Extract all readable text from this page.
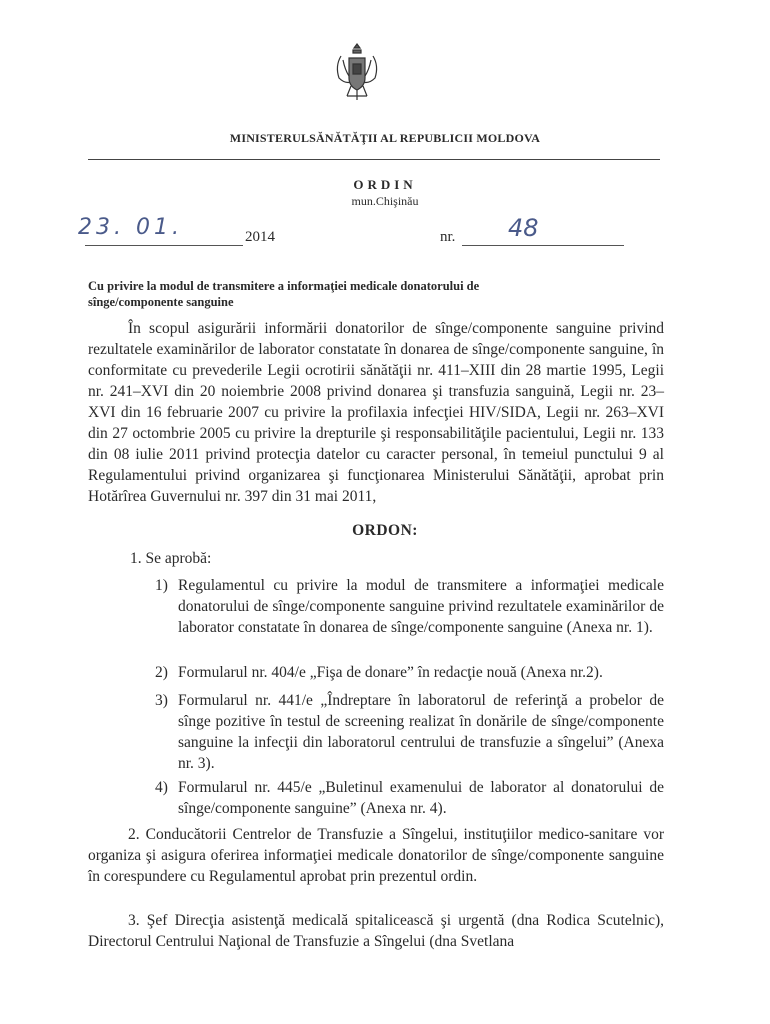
MINISTERULSĂNĂTĂŢII AL REPUBLICII MOLDOVA
ORDIN
mun.Chişinău
23. 01.	2014	nr. 48
Cu privire la modul de transmitere a informaţiei medicale donatorului de sînge/componente sanguine
În scopul asigurării informării donatorilor de sînge/componente sanguine privind rezultatele examinărilor de laborator constatate în donarea de sînge/componente sanguine, în conformitate cu prevederile Legii ocrotirii sănătăţii nr. 411–XIII din 28 martie 1995, Legii nr. 241–XVI din 20 noiembrie 2008 privind donarea şi transfuzia sanguină, Legii nr. 23–XVI din 16 februarie 2007 cu privire la profilaxia infecţiei HIV/SIDA, Legii nr. 263–XVI din 27 octombrie 2005 cu privire la drepturile şi responsabilităţile pacientului, Legii nr. 133 din 08 iulie 2011 privind protecţia datelor cu caracter personal, în temeiul punctului 9 al Regulamentului privind organizarea şi funcţionarea Ministerului Sănătăţii, aprobat prin Hotărîrea Guvernului nr. 397 din 31 mai 2011,
ORDON:
1. Se aprobă:
1) Regulamentul cu privire la modul de transmitere a informaţiei medicale donatorului de sînge/componente sanguine privind rezultatele examinărilor de laborator constatate în donarea de sînge/componente sanguine (Anexa nr. 1).
2) Formularul nr. 404/e „Fişa de donare” în redacţie nouă (Anexa nr.2).
3) Formularul nr. 441/e „Îndreptare în laboratorul de referinţă a probelor de sînge pozitive în testul de screening realizat în donările de sînge/componente sanguine la infecţii din laboratorul centrului de transfuzie a sîngelui” (Anexa nr. 3).
4) Formularul nr. 445/e „Buletinul examenului de laborator al donatorului de sînge/componente sanguine” (Anexa nr. 4).
2. Conducătorii Centrelor de Transfuzie a Sîngelui, instituţiilor medico-sanitare vor organiza şi asigura oferirea informaţiei medicale donatorilor de sînge/componente sanguine în corespundere cu Regulamentul aprobat prin prezentul ordin.
3. Şef Direcţia asistenţă medicală spitalicească şi urgentă (dna Rodica Scutelnic), Directorul Centrului Naţional de Transfuzie a Sîngelui (dna Svetlana
